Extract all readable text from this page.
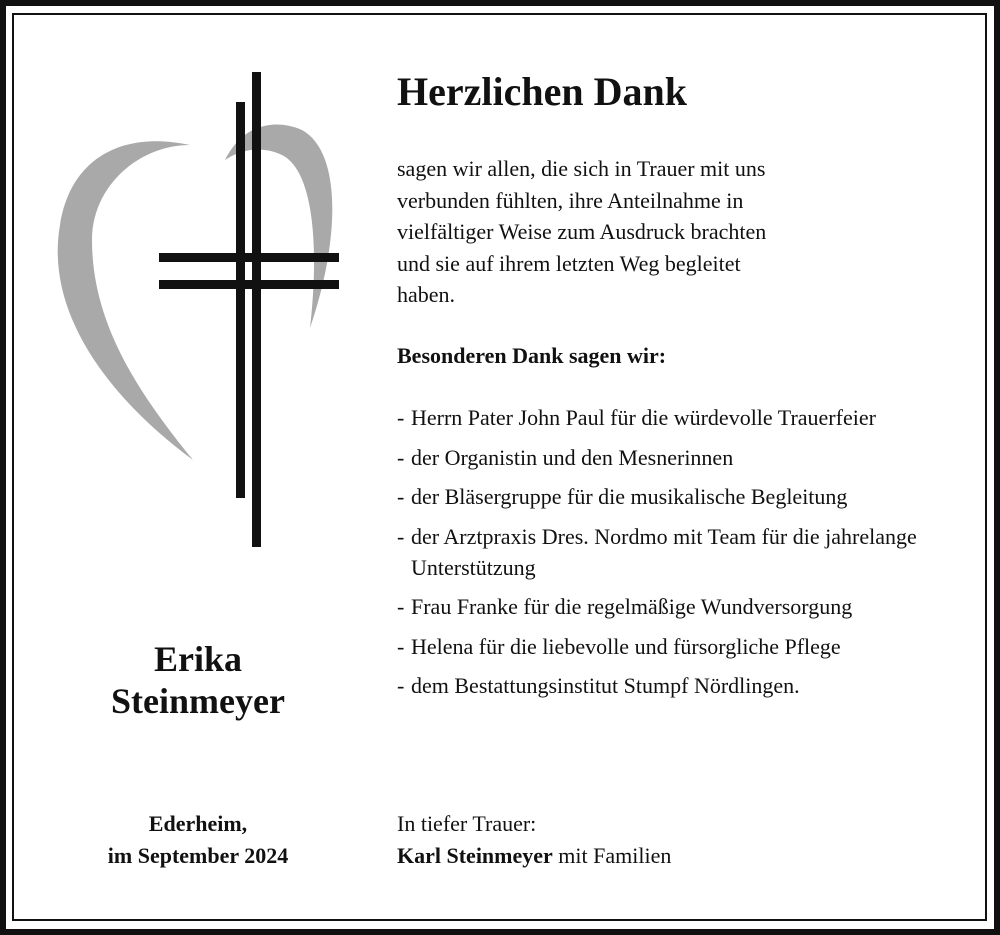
Herzlichen Dank
sagen wir allen, die sich in Trauer mit uns
verbunden fühlten, ihre Anteilnahme in
vielfältiger Weise zum Ausdruck brachten
und sie auf ihrem letzten Weg begleitet
haben.
Besonderen Dank sagen wir:
- Herrn Pater John Paul für die würdevolle Trauerfeier
- der Organistin und den Mesnerinnen
- der Bläsergruppe für die musikalische Begleitung
- der Arztpraxis Dres. Nordmo mit Team für die jahrelange Unterstützung
- Frau Franke für die regelmäßige Wundversorgung
- Helena für die liebevolle und fürsorgliche Pflege
- dem Bestattungsinstitut Stumpf Nördlingen.
Erika
Steinmeyer
Ederheim,
im September 2024
In tiefer Trauer:
Karl Steinmeyer mit Familien
